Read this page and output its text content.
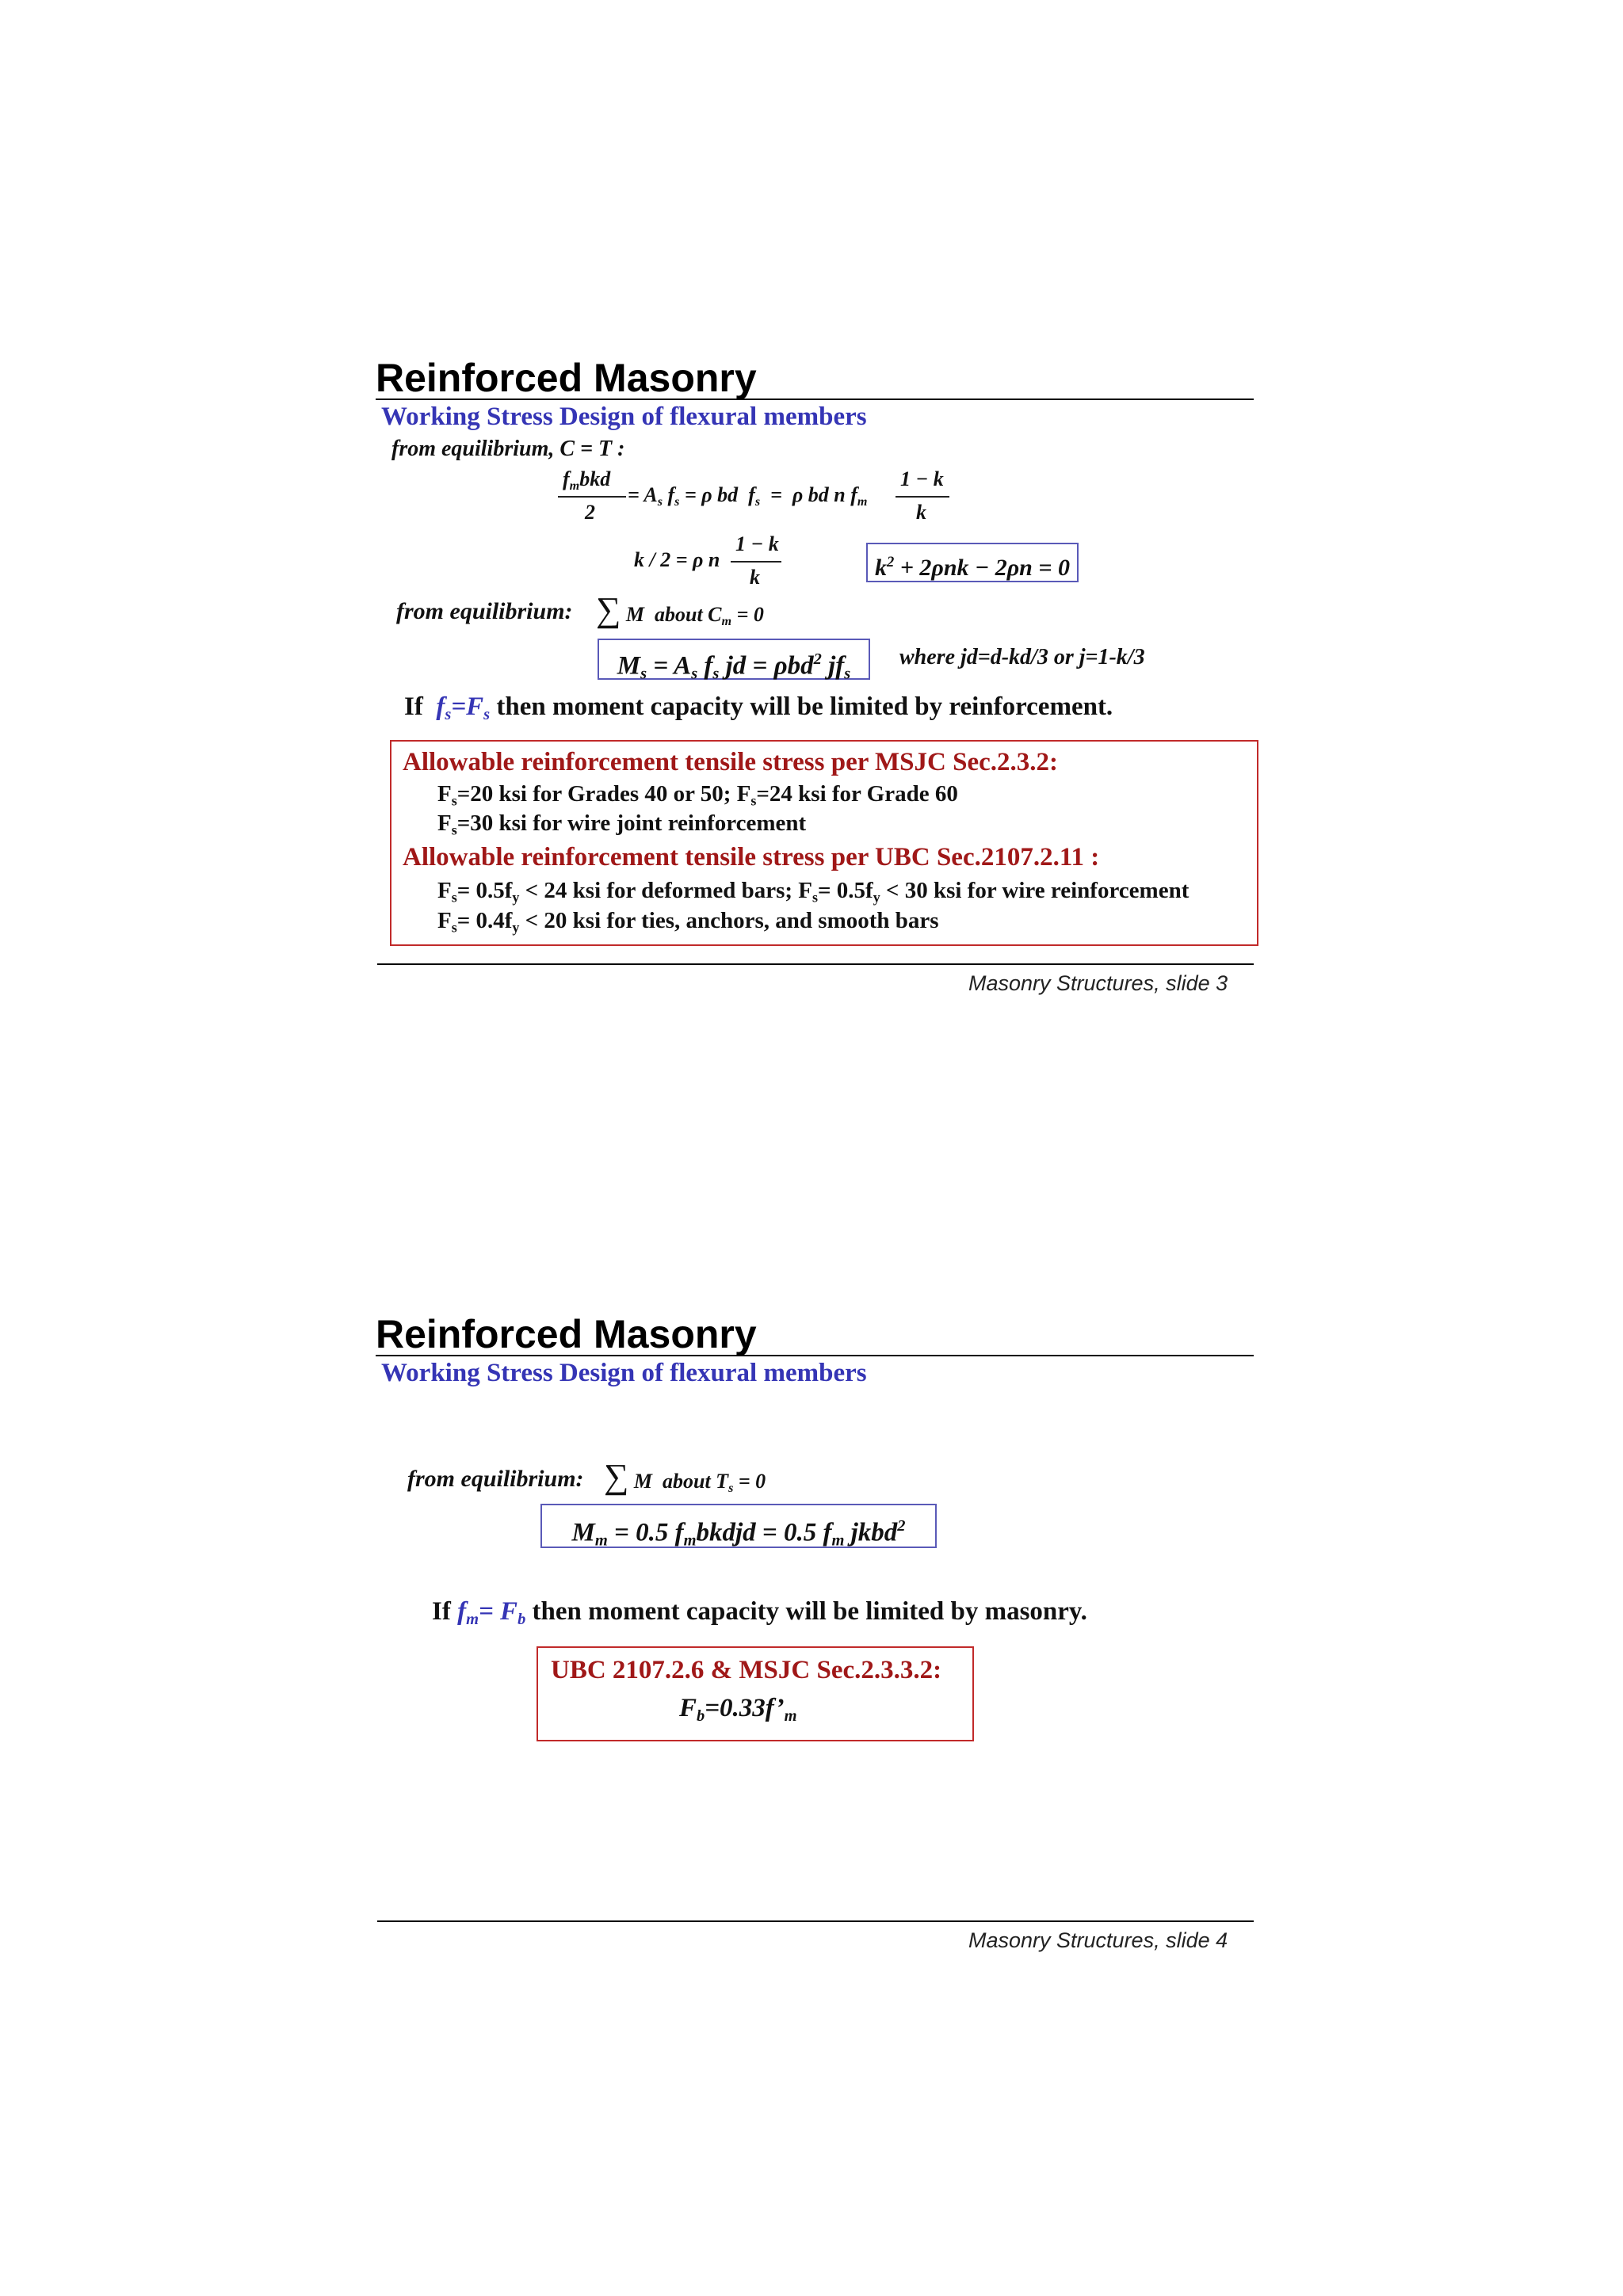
Reinforced Masonry
Working Stress Design of flexural members
from equilibrium, C = T :
$f_mbkd$
2
= $A_s$ $f_s = \rho$ bd  $f_s = \rho$ bd n $f_m$
1 − k
k
k / 2 = ρ n
1 − k
k	$k^2 + 2\rho nk - 2\rho n = 0$
from equilibrium: ∑ M  about $C_m = 0$
$M_s = A_s$ $f_s$ jd = ρbd$^2$ $jf_s$
where jd=d-kd/3 or j=1-k/3
If $f_s=F_s$ then moment capacity will be limited by reinforcement.
Allowable reinforcement tensile stress per MSJC Sec.2.3.2:
$F_s=20$ ksi for Grades 40 or 50; $F_s=24$ ksi for Grade 60
$F_s=30$ ksi for wire joint reinforcement
Allowable reinforcement tensile stress per UBC Sec.2107.2.11 :
$F_s= 0.5f_y < 24$ ksi for deformed bars; $F_s= 0.5f_y < 30$ ksi for wire reinforcement
$F_s= 0.4f_y < 20$ ksi for ties, anchors, and smooth bars
Masonry Structures, slide 3
Reinforced Masonry
Working Stress Design of flexural members
from equilibrium: ∑ M  about $T_s = 0$
$M_m = 0.5$ $f_mbkdjd = 0.5$ $f_m$ jkbd$^2$
If $f_m= F_b$ then moment capacity will be limited by masonry.
UBC 2107.2.6 & MSJC Sec.2.3.3.2:
$F_b=0.33f’_m$
Masonry Structures, slide 4
